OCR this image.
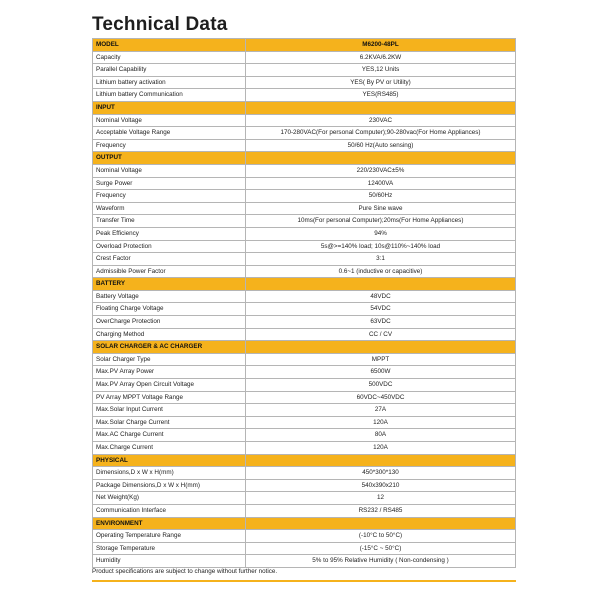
Technical Data
MODEL	M6200-48PL
Capacity	6.2KVA/6.2KW
Parallel Capability	YES,12 Units
Lithium battery activation	YES( By PV or Utility)
Lithium battery Communication	YES(RS485)
INPUT	
Nominal Voltage	230VAC
Acceptable Voltage Range	170-280VAC(For personal Computer);90-280vac(For Home Appliances)
Frequency	50/60 Hz(Auto sensing)
OUTPUT	
Nominal Voltage	220/230VAC±5%
Surge Power	12400VA
Frequency	50/60Hz
Waveform	Pure Sine wave
Transfer Time	10ms(For personal Computer);20ms(For Home Appliances)
Peak Efficiency	94%
Overload Protection	5s@>=140% load; 10s@110%~140% load
Crest Factor	3:1
Admissible Power Factor	0.6~1 (inductive or capacitive)
BATTERY	
Battery Voltage	48VDC
Floating Charge Voltage	54VDC
OverCharge Protection	63VDC
Charging Method	CC / CV
SOLAR CHARGER & AC CHARGER	
Solar Charger Type	MPPT
Max.PV Array Power	6500W
Max.PV Array Open Circuit Voltage	500VDC
PV Array MPPT Voltage Range	60VDC~450VDC
Max.Solar Input Current	27A
Max.Solar Charge Current	120A
Max.AC Charge Current	80A
Max.Charge Current	120A
PHYSICAL	
Dimensions,D x W x H(mm)	450*300*130
Package Dimensions,D x W x H(mm)	540x390x210
Net Weight(Kg)	12
Communication Interface	RS232 / RS485
ENVIRONMENT	
Operating Temperature Range	(-10°C to 50°C)
Storage Temperature	(-15°C ~ 50°C)
Humidity	5% to 95% Relative Humidity ( Non-condensing )
Product specifications are subject to change without further notice.
